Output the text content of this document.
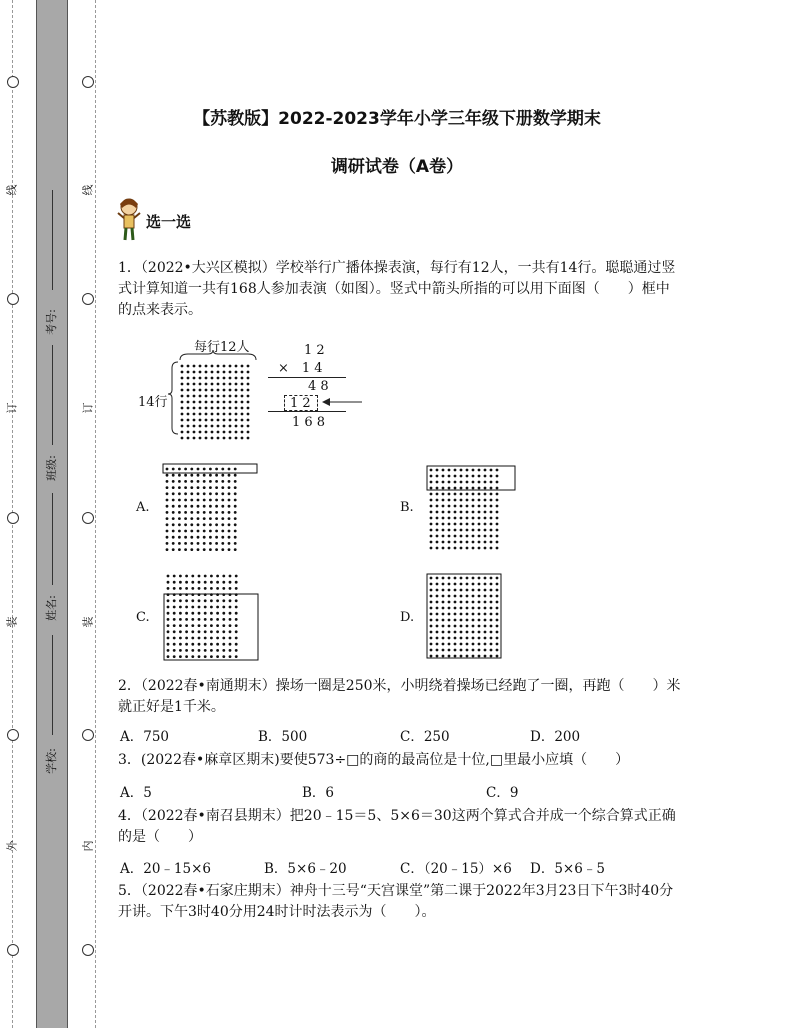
线
订
装
外
线
订
装
内
考号:
班级:
姓名:
学校:
【苏教版】2022-2023学年小学三年级下册数学期末
调研试卷（A卷）
选一选
1．（2022•大兴区模拟）学校举行广播体操表演，每行有12人，一共有14行。聪聪通过竖式计算知道一共有168人参加表演（如图）。竖式中箭头所指的可以用下面图（　　）框中的点来表示。
每行12人
14行
1 2
×　1 4
4 8
1 2
1 6 8
A.	B.
C.	D.
2．（2022春•南通期末）操场一圈是250米，小明绕着操场已经跑了一圈，再跑（　　）米就正好是1千米。
A．750	B．500	C．250	D．200
3．(2022春•麻章区期末)要使573÷□的商的最高位是十位,□里最小应填（　　）
A．5	B．6	C．9
4．（2022春•南召县期末）把20﹣15＝5、5×6＝30这两个算式合并成一个综合算式正确的是（　　）
A．20﹣15×6	B．5×6﹣20	C．（20﹣15）×6 D．5×6﹣5
5．（2022春•石家庄期末）神舟十三号“天宫课堂”第二课于2022年3月23日下午3时40分开讲。下午3时40分用24时计时法表示为（　　）。
